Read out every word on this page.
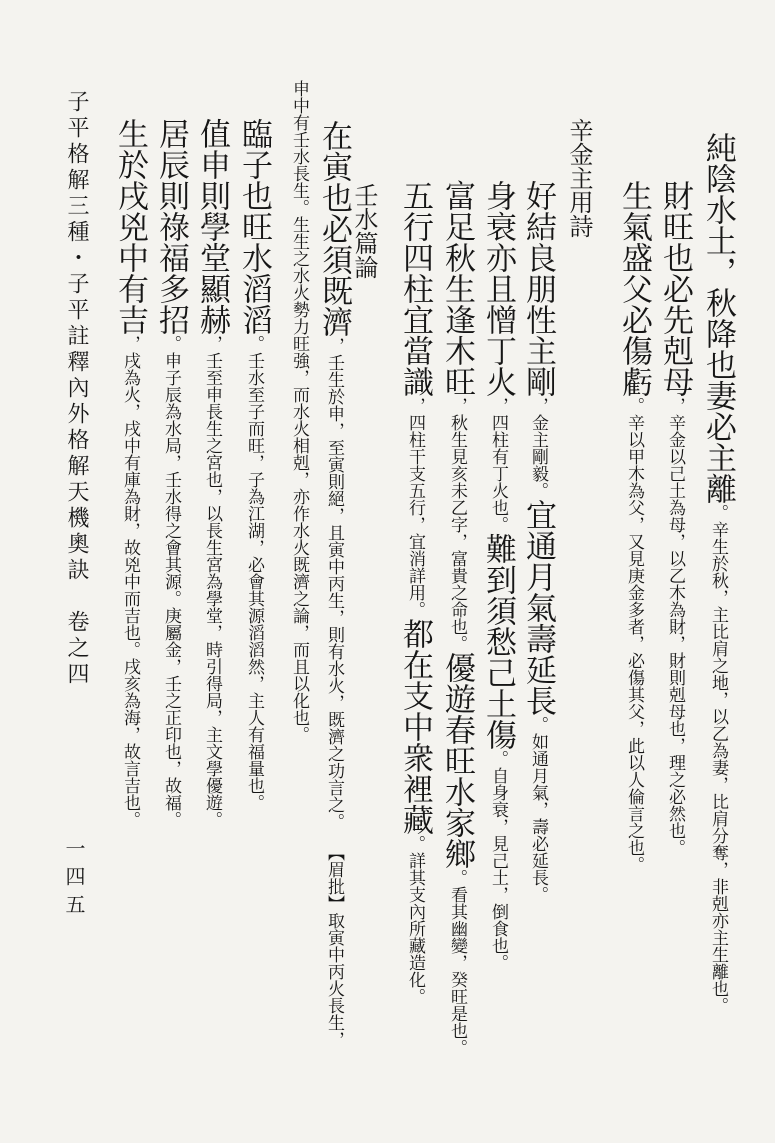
純陰水土，秋降也妻必主離。辛生於秋，主比肩之地，以乙為妻，比肩分奪，非剋亦主生離也。
財旺也必先剋母，辛金以己土為母，以乙木為財，財則剋母也，理之必然也。
生氣盛父必傷虧。辛以甲木為父，又見庚金多者，必傷其父，此以人倫言之也。
辛金主用詩
好結良朋性主剛，金主剛毅。宜通月氣壽延長。如通月氣，壽必延長。
身衰亦且憎丁火，四柱有丁火也。難到須愁己土傷。自身衰，見己土，倒食也。
富足秋生逢木旺，秋生見亥未乙字，富貴之命也。優遊春旺水家鄉。看其幽變，癸旺是也。
五行四柱宜當識，四柱干支五行，宜消詳用。都在支中衆裡藏。詳其支內所藏造化。
申中有壬水長生。生生之水火勢力旺強，而水火相剋，亦作水火既濟之論，而且以化也。 壬水篇論
在寅也必須既濟，壬生於申，至寅則絕，且寅中丙生，則有水火，既濟之功言之。【眉批】取寅中丙火長生，
臨子也旺水滔滔。壬水至子而旺，子為江湖，必會其源滔滔然，主人有福量也。
值申則學堂顯赫，壬至申長生之宮也，以長生宮為學堂，時引得局，主文學優遊。
居辰則祿福多招。申子辰為水局，壬水得之會其源。庚屬金，壬之正印也，故福。
生於戌兇中有吉，戌為火，戌中有庫為財，故兇中而吉也。戌亥為海，故言吉也。
子平格解三種・子平註釋內外格解天機奧訣　卷之四
一四五
